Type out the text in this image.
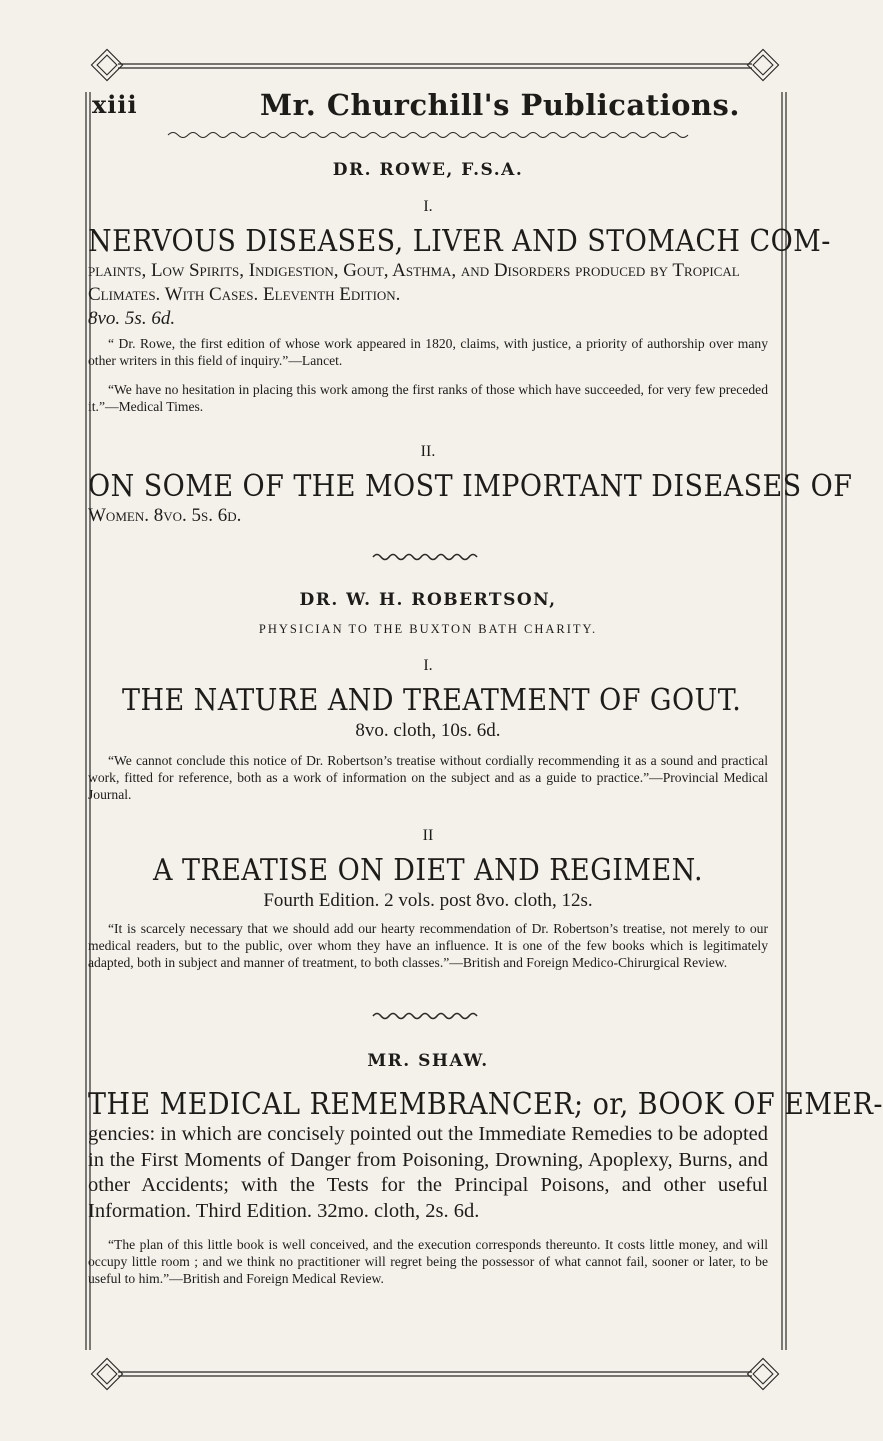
xiii	Mr. Churchill's Publications.
DR. ROWE, F.S.A.
I.
NERVOUS DISEASES, LIVER AND STOMACH COM-
plaints, Low Spirits, Indigestion, Gout, Asthma, and Disorders produced by Tropical Climates. With Cases. Eleventh Edition.
8vo. 5s. 6d.
“ Dr. Rowe, the first edition of whose work appeared in 1820, claims, with justice, a priority of authorship over many other writers in this field of inquiry.”—Lancet.
“We have no hesitation in placing this work among the first ranks of those which have succeeded, for very few preceded it.”—Medical Times.
II.
ON SOME OF THE MOST IMPORTANT DISEASES OF
Women. 8vo. 5s. 6d.
DR. W. H. ROBERTSON,
PHYSICIAN TO THE BUXTON BATH CHARITY.
I.
THE NATURE AND TREATMENT OF GOUT.
8vo. cloth, 10s. 6d.
“We cannot conclude this notice of Dr. Robertson’s treatise without cordially recommending it as a sound and practical work, fitted for reference, both as a work of information on the subject and as a guide to practice.”—Provincial Medical Journal.
II
A TREATISE ON DIET AND REGIMEN.
Fourth Edition. 2 vols. post 8vo. cloth, 12s.
“It is scarcely necessary that we should add our hearty recommendation of Dr. Robertson’s treatise, not merely to our medical readers, but to the public, over whom they have an influence. It is one of the few books which is legitimately adapted, both in subject and manner of treatment, to both classes.”—British and Foreign Medico-Chirurgical Review.
MR. SHAW.
THE MEDICAL REMEMBRANCER; or, BOOK OF EMER-
gencies: in which are concisely pointed out the Immediate Remedies to be adopted in the First Moments of Danger from Poisoning, Drowning, Apoplexy, Burns, and other Accidents; with the Tests for the Principal Poisons, and other useful Information. Third Edition. 32mo. cloth, 2s. 6d.
“The plan of this little book is well conceived, and the execution corresponds thereunto. It costs little money, and will occupy little room ; and we think no practitioner will regret being the possessor of what cannot fail, sooner or later, to be useful to him.”—British and Foreign Medical Review.
